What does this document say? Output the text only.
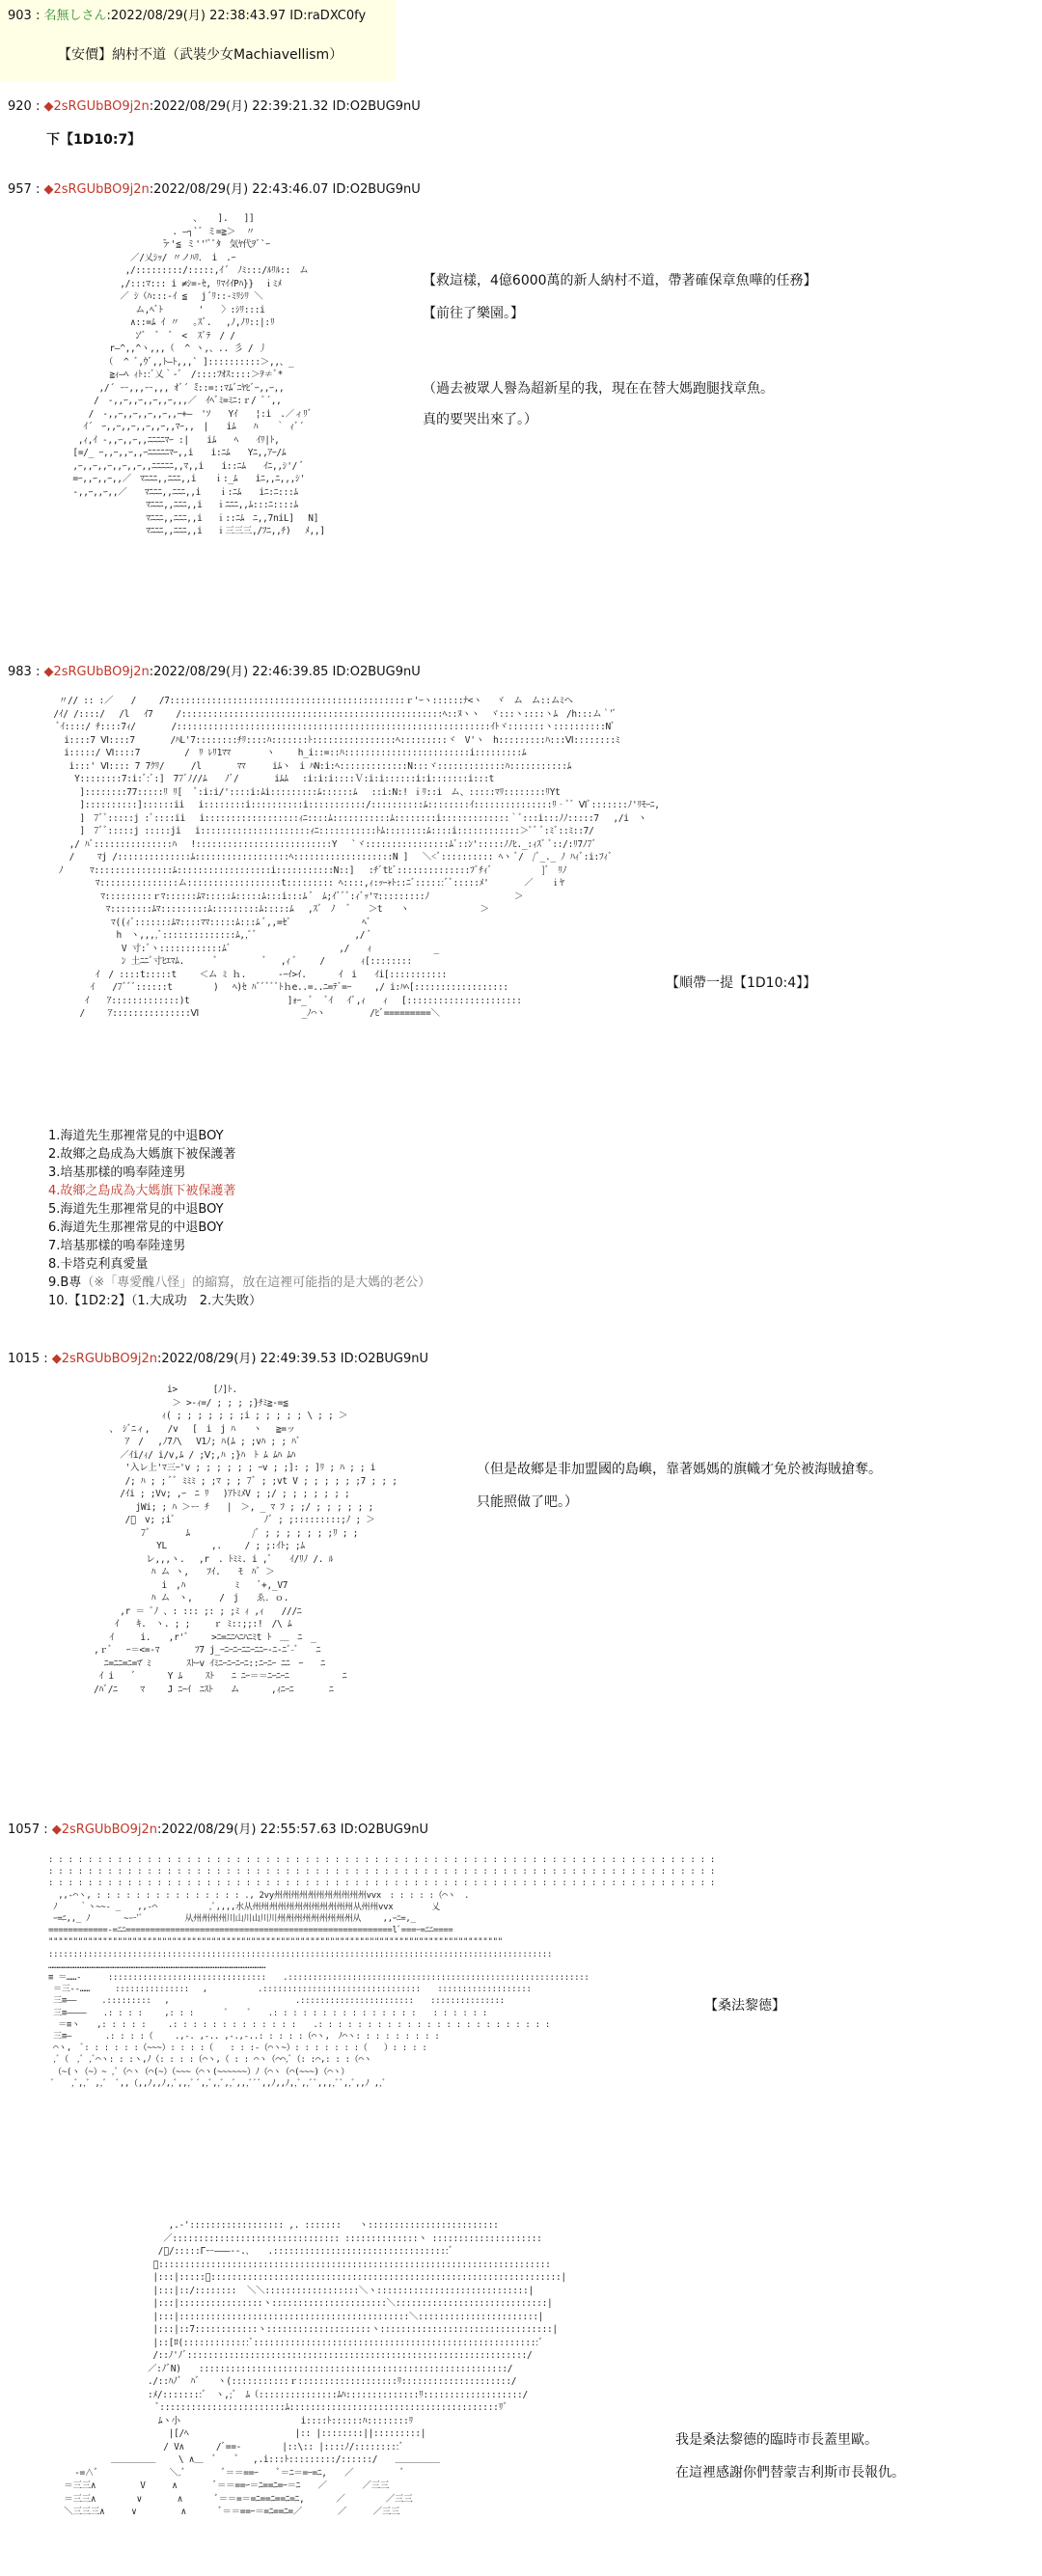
903 : 名無しさん:2022/08/29(月) 22:38:43.97 ID:raDXC0fy
【安價】納村不道（武裝少女Machiavellism）
920 : ◆2sRGUbBO9j2n:2022/08/29(月) 22:39:21.32 ID:O2BUG9nU
下【1D10:7】
957 : ◆2sRGUbBO9j2n:2022/08/29(月) 22:43:46.07 ID:O2BUG9nU
、   ].   ]]
. ―┐`゛ミ=≧＞  〃
̄ァ'≦ ミ'''ﾞﾟﾀ　気ﾔ代ｦﾞ`ｰ
／/乂ｼｯ/ 〃ノﾊﾘ．　i　.ｰ
,/:::::::::/:::::,ｲ´　ﾉﾐ:::/ﾙﾘﾙ::　ム
,/:::ﾏ::: i ≠ｼ=-ｾ, ﾘﾏｲｲPﾊ}}  ｉﾐﾒ
／ ｼ（ﾊ:::-ｲ ≦ 　j´ﾘ::-ﾐﾘｼﾘ ＼
ム,ﾍﾞﾄ　　　　'　　〉:ｼﾘ:::i
∧::=ﾑ ｲ 〃　 ｡ｽﾞ.　 ,ﾉ,ﾉﾘ::|:ﾘ
ﾝ'ﾞ　ﾞ　ﾞ　<  ｽﾞﾃ　/ /
r―^,,^ヽ,,,（  ^ ヽ,、.. 彡 / 丿
（  ^ ﾞ,ｳﾞ,,ﾄ―ﾄ,,,` ]::::::::::＞,,、_
≧ｨ―ﾍ ｨﾄ::ﾞ乂｀‐ﾞ　/::::ﾌｵｽ::::＞ｦ≠ﾞ*
,/´ ー,,,ー,,, ｵﾞ´ ̄ﾐ::=::ﾏﾑﾞﾆﾔﾋﾞｰ,,ｰ,,
/　-,,ｰ,,ｰ,,ｰ,,ｰ,,,／　ｲﾍﾞﾐ=ﾐﾆ:ｒ/ ﾟ´,,
/　-,,ｰ,,ｰ,,ｰ,,ｰ,,ｰ+―　'ｿ　　Yｲ　　¦:i　.／ィﾘﾞ
ｲ´　ｰ,,ｰ,,ｰ,,ｰ,,ｰ,,ﾏｰ,,　|　　iﾑ　　ﾊ　　｀ ｨﾞ´
,ｨ,ｲ -,,ｰ,,ｰ,,ﾆﾆﾆﾆﾏｰ :|　　iﾑ　　ﾍ　　ｲﾘ|ﾄ,
[=/_ ｰ,,ｰ,,ｰ,,ｰﾆﾆﾆﾆﾆﾏｰ,,i　　i:ﾆﾑ　　Yﾆ,,ｱｰ/ﾑ
,ｰ,,ｰ,,ｰ,,ｰ,,ｰ,,ﾆﾆﾆﾆﾆ,,ﾏ,,i　　i::ﾆﾑ　　ｲﾆ,,ｼ'/ ﾞ
=ｰ,,ｰ,,ｰ,,／　ﾏﾆﾆﾆ,,ﾆﾆﾆ,,i　　ｉ:_ﾑ　　iﾆ,,ﾆ,,,ｼ'
‐,,ｰ,,ｰ,,／　　ﾏﾆﾆﾆ,,ﾆﾆﾆ,,i　　ｉ:ﾆﾑ　　iﾆ:ﾆ:::ﾑ
ﾏﾆﾆﾆ,,ﾆﾆﾆ,,i　 ｉﾆﾆﾆ,,ﾑ:::ﾆ::::ﾑ
ﾏﾆﾆﾆ,,ﾆﾆﾆ,,i　 ｉ::ﾆﾑ　ﾆ,,7niL] 　N]
ﾏﾆﾆﾆ,,ﾆﾆﾆ,,i　 ｉ三三三,/ﾌﾆ,,ﾁ) 　ﾒ,,]
【救這樣，4億6000萬的新人納村不道，帶著確保章魚嘩的任務】
【前往了樂園。】
（過去被眾人譽為超新星的我，現在在替大媽跑腿找章魚。
真的要哭出來了。）
983 : ◆2sRGUbBO9j2n:2022/08/29(月) 22:46:39.85 ID:O2BUG9nU
〃// :: :／　　/　　 /7:::::::::::::::::::::::::::::::::::::::::::::ｒ'ｰヽ::::::ﾅ<ヽ　 ヾ　ム　ム::ムﾐヘ
/ｲ/ /::::/　 /l　 ｲ7　　 /::::::::::::::::::::::::::::::::::::::::::::::::::ﾍ::ﾇヽヽ  ヾ:::ヽ::::ヽﾑ　/h:::ム｀'ﾞ
ﾞｲ::::/ ﾁ::::7ｨ/　　　　/::::::::::::::::::::::::::::::::::::::::::::::::::::::::::::ｲﾄヾ:::::::ヽ::::::::::Nﾞ
i::::7 Ⅵ::::7　　　　/ﾊL'7::::::::ﾁﾘ::::ﾊ:::::::ﾄ::::::::::::::::ﾍ:::::::::ヾ　V'ヽ　h:::::::::ﾊ:::Ⅵ::::::::ﾐ
i:::::/ Ⅵ::::7　　　　　/　ﾘ ﾚﾘ1ﾏﾏ　　　　ヽ　　 h_i::=::ﾊ::::::::::::::::::::::::i:::::::::ﾑ
i:::' Ⅵ:::: 7 7ｸﾘ/　　　/l　　　　ﾏﾏ　　　iﾑヽ　i ﾊN:i:ﾍ:::::::::::::N:::ヾ:::::::::::::ﾊ:::::::::::ﾑ
Y::::::::7:i:ﾞ:ﾞ:]　77ﾞﾉ//ﾑ　　ﾉﾞ/　　　　iﾑﾑ　 :i:i:i::::Ｖ:i:i::::::i:i:::::::i:::t
]::::::::77:::::ﾘ ﾘ[　 ﾞ:i:i/'::::i:ﾑi:::::::::ﾑ::::::ﾑ　 ::i:N:! ｉﾘ::i　ム、:::::ﾏﾘ::::::::ﾘYt
]::::::::::]::::::ii　 i::::::::i::::::::::i:::::::::::/::::::::::ﾑ::::::::ｲ:::::::::::::::ﾘ‐ﾞ゛Ⅵﾞ:::::::ﾉ'ﾘﾓｰﾆ,
]　7ﾞﾞ:::::j :ﾞ::::ii　 i::::::::::::::::::ｨﾆ::::ﾑ:::::::::::ﾑ::::::::i:::::::::::::｀ﾞ:::i:::ﾉﾉ:::::7　 ,/i　ヽ
]　7ﾞﾞ:::::j :::::ji　 i:::::::::::::::::::::ｨﾆ:::::::::::ﾄﾑ::::::::ﾑ::::i::::::::::::＞ﾟﾞ ﾞ:ﾐﾞ::ﾐ::7/
,/ ﾊﾞ:::::::::::::::ﾊ　 !::::::::::::::::::::::::::Y　 `ヾ::::::::::::::::ﾑﾞ::ﾝ':::::ﾉﾉﾋ._:ｨｽﾞ ﾞ::/:ﾘ7ﾉ7ﾞ
/　　 ﾏj /::::::::::::::ﾑ::::::::::::::::::ﾍ:::::::::::::::::::N ]　 ＼<ﾞ:::::::::: ﾍヽ ﾞ/　/ﾞ_._ ﾉ ﾊｨﾞ:i:ﾌｨﾞ
ﾉ　　　ﾏ:::::::::::::::ﾑ::::::::::::::::::i:::::::::::N::]　 :ﾁﾞtﾋﾞ::::::::::::::ﾌﾞﾁｨﾞ　　　　　 ]ﾞ　ﾘﾉ
ﾏ:::::::::::::::ム::::::::::::::::::t::::::::: ﾍ::::,ｨ:ｯｰｬﾄ::ﾆﾞ::::::ﾞﾞ:::::ﾒ'　　　　／　　ｉﾔ
ﾏ:::::::::ｒﾏ::::::ﾑﾏ:::::ﾑ:::::ﾑ:::i:::ﾑ ﾞ　ﾑ;ｲﾞﾞﾞ:ｨﾞｯ'ﾏ:::::::::ﾉ　　　　　　　　　 ＞
ﾏ::::::::ﾑﾏ:::::::::ﾑ:::::::::ﾑ:::::ﾑ　 ,ｽﾞ　ﾉ　 ﾞ　　＞t　　ヽ　　　　　　　　＞
ﾏ((ｨﾞ:::::::ﾑﾏ::::ﾏﾏ:::::ﾑ:::ﾑ ﾞ,,=ｾﾞ　　　　　　　　ﾍﾞ
h　ヽ,,,,ﾞ::::::::::::::ﾑ,,ﾟﾞ　　　　　　　　　　　,/ ﾞ
V 寸:ﾞヽ::::::::::::ﾑﾞ 　　　　　　　　　　　 ,/　　ｨ　　　　　　　_
ﾝ 土ﾆﾆﾞ寸ﾋｴﾏﾑ.　　　 ﾞ　　　　　ﾞ　 ,ｨ ﾞ　　 /　　　　ｨ[::::::::
ｲ　/ ::::t:::::t　　 ＜ム ﾐ ｈ.　　　 ‐ｰｲ>ｲ.　　　 ｲ　i　　ｲi[:::::::::::
ｲ　　/7ﾞﾞﾞ::::::t　　　　 )　 ﾍ)ｾ ﾊﾞﾞﾞﾞﾞﾄｈe..=..ﾆ=ﾃﾞ=ｰ　　 ,/ i:ﾊﾍ[::::::::::::::::::
ｲ　　ｱ:::::::::::::)t　　　　　　　　　　　]ｫｰ_ ﾞ　 ﾞｲ　 ｲﾞ,ｨ　　ｨ　 [::::::::::::::::::::::
/　　 ｱ:::::::::::::::Ⅵ　　　　　　　　　　　 _ﾉ⌒ヽ　　　　　/ﾋﾞ=========＼
【順帶一提【1D10:4】】
1.海道先生那裡常見的中退BOY
2.故鄉之島成為大媽旗下被保護著
3.培基那樣的鳴奉陸達男
4.故鄉之島成為大媽旗下被保護著
5.海道先生那裡常見的中退BOY
6.海道先生那裡常見的中退BOY
7.培基那樣的鳴奉陸達男
8.卡塔克利真愛量
9.B專（※「專愛醜八怪」的縮寫，放在這裡可能指的是大媽的老公）
10.【1D2:2】（1.大成功　2.大失敗）
1015 : ◆2sRGUbBO9j2n:2022/08/29(月) 22:49:39.53 ID:O2BUG9nU
i>　　　　[ﾉ]ﾄ.
＞ >-ｨ=/ ; ; ; ;}ﾁﾐ≧-=≦
ｨ( ; ; ; ; ; ; ;i ; ; ; ; ; \ ; ; ＞
、　ｼﾞﾆィ,　　/v　 [　i　j ﾊ　　ヽ　 ≧=ッ
ｱ　/　 ,ﾉ7ﾉ\　 V1ﾉ; ﾊ(ﾑ ; ;vﾊ ; ; ﾊﾞ
／ｲi/ｨ/ i/v,ﾑ / ;Ⅴ;,ﾊ ;}ﾊ　ﾄ ﾑ ﾑﾊ ﾑﾊ
'入レ上'ﾏ三ｰ'v ; ; ; ; ; ; ｰv ; ;]: ; ]ﾘ ; ﾊ ; ; i
/; ﾊ ; ; ﾞﾞ ﾐﾐﾐ ; ;ﾏ ; ; 7ﾞ ; ;vt V ; ; ; ; ; ;7 ; ; ;
/ｲi ; ;Vv; ,ｰ　ﾆ ﾘ　 )ｱﾄﾐﾒV ; ;/ ; ; ; ; ; ; ;
jWi; ; ﾊ ＞ー ﾁ　　|　＞, _ ﾏ ﾌ ; ;/ ; ; ; ; ; ;
/ﾞ　v; ;iﾞ　　　　　　　　　　ﾉﾞ ; ;:::::::::;ﾉ ; ＞
7ﾞ　　　　ﾑ　　　　　　　/ﾞ ; ; ; ; ; ; ;ﾘ ; ;
YL　　　　　,.　　 / ; ;:ｲﾄ; ;ﾑ
レ,,,ヽ.　 ,r　. ﾄﾐﾐ. i ,ﾞ　　ｲ/ﾘﾉ /. ﾙ
ﾊ ム ヽ,　　ﾌｲ.　　ﾓ　ﾊﾞ ＞
i　,ﾊ　　　　　 ﾐ　　ﾞ+,_V7
ﾊ ム　ヽ,　　　/　j　　ゑ．ｏ.
,r ＝ ﾟﾉ 、: ::: ;: ; ;ﾐ ｨ ,ｨ　　///ﾆ
ｲ　　ｷ.　ヽ. ; ;　　 ｒ ﾐ::;;:!　/\ ﾑ
ｲ　　　i.　　,r'ﾞ　　 >ﾆ=ﾆﾆﾍﾆﾊﾆﾐt ﾄ　＿　ﾆ　_
,ｒﾞ 　ｰ＝<=-ﾏ　　　　ﾌ7 j_ｰﾆｰﾆｰﾆﾆｰﾆﾆｰ-ﾆ-ﾆﾞ-ﾞ　　ﾆ
ﾆ=ﾆﾆ=ﾆ=ﾏ̄ ﾐ　　　　ｽﾄｰv ｲﾐﾆｰﾆｰﾆｰﾆ::ﾆｰﾆｰ ﾆﾆ　ｰ　　ﾆ
ｲ i　　ﾞ　　　 Y ﾑ　　 ｽﾄ　　ﾆ ﾆｰ＝＝ﾆｰﾆｰﾆ　　　　　　ﾆ
/ﾊﾞ/ﾆ　　 ﾏ　　 J ﾆｰｲ　ﾆｽﾄ　　ム　　　 ,ｨﾆｰﾆ　　　　ﾆ
（但是故鄉是非加盟國的島嶼，靠著媽媽的旗幟才免於被海賊搶奪。
只能照做了吧。）
1057 : ◆2sRGUbBO9j2n:2022/08/29(月) 22:55:57.63 ID:O2BUG9nU
: : : : : : : : : : : : : : : : : : : : : : : : : : : : : : : : : : : : : : : : : : : : : : : : : : : : : : : : : : : : : : : : : : : :
: : : : : : : : : : : : : : : : : : : : : : : : : : : : : : : : : : : : : : : : : : : : : : : : : : : : : : : : : : : : : : : : : : : :
: : : : : : : : : : : : : : : : : : : : : : : : : : : : : : : : : : : : : : : : : : : : : : : : : : : : : : : : : : : : : : : : : : : :
,,-⌒ヽ, : : : : : : : : : : : : : : : ., 2vy州州州州州州州州州州州vvx　: : : : :（⌒ヽ　.
ﾉ　　 ｀ヽ~~‐ _　　,,-⌒ 　　　　　 ,ﾞ,,,,水从州州州州州州州州州州州州从州州vvx　　　　 乂
ｰ=ﾆ,,_ ﾉ　　　　~ー'ﾞ　　　　　从州州州州川山川山川川州州州州州州州州州从　　 ,,ｰﾆ=,_
============-=ﾆﾆ======================================================lﾞ===ｰ=ﾆﾆ====
""""""""""""""""""""""""""""""""""""""""""""""""""""""""""""""""""""""""""""""""""""""""""""
::::::::::::::::::::::::::::::::::::::::::::::::::::::::::::::::::::::::::::::::::::::::::::::::::::::
……………………………………………………………………………………………………………………
≡ ＝……‐ 　　 ::::::::::::::::::::::::::::::::　　.:::::::::::::::::::::::::::::::::::::::::::::::::::::::::::::
＝三‐‐……　　　:::::::::::::::　 ,　　　　　　.::::::::::::::::::::::::::::::::　　:::::::::::::::::::
三≡――　　　.:::::::::　 ,　　　　　　　　　　　　　　　.:::::::::::::::::::::::　　:::::::::::::::
三≡――――　　.: : : :　　 ,: : :　　　 ﾞ　　 ﾞ　　.: : : : : : : : : : : : : : :　　: : : : : :
＝≡ヽ　　,: : : : :　　 .: : : : : : : : : : : : :　　.: : : : : : : : : : : : : : : : : : : : : : : :
三≡―　　　　.: : : :（　　 .,‐. ,-.. ,-.,‐..: : : : :（⌒ヽ,　ﾉ⌒ヽ: : : : : : : : :
⌒ヽ,　ﾞ: : : : : :（~~~）: : : :（　　: : :‐（⌒ヽ~）: : : : : : :（　　）: : : :
,ﾞ（　,ﾞ ,ﾞ⌒ヽ: : :ヽ,ﾉ（: : : :（⌒ヽ,（ : : ⌒ヽ（⌒⌒,ﾞ（: :⌒,: : :（⌒ヽ
（~(ヽ（~）~ ,ﾞ（⌒ヽ（⌒(~）（~~~（⌒ヽ(~~~~~~）ﾉ（⌒ヽ（⌒(~~~)（⌒ヽ）
ﾞ　　,ﾞ,,ﾞ ,,ﾞ　ﾞ,,（,,ﾉ,,ﾉ,,ﾞ,,,ﾞ ﾞ,,ﾞ,,ﾞ,,ﾞ,,,ﾞﾞﾞ,,ﾉ,,ﾉ,,ﾞ,,ﾞﾞ,,,,ﾞﾞ,,ﾞ,,ﾉ ,,ﾞ
【桑法黎德】
,.-':::::::::::::::::: ,. :::::::　　ヽ:::::::::::::::::::::::::
／:::::::::::::::::::::::::::::::: ::::::::::::::ヽ :::::::::::::::::::::
/ﾞ/:::::Гー―――‐-.､　　.::::::::::::::::::::::::::::::::::ﾞ
ﾞ:::::::::::::::::::::::::::::::::::::::::::::::::::::::::::::::::::::::::::
|:::|:::::ﾞ:::::::::::::::::::::::::::::::::::::::::::::::::::::::::::::::::::|
|:::|::/::::::::  ＼＼::::::::::::::::::＼ヽ:::::::::::::::::::::::::::::|
|:::|::::::::::::::::ヽ::::::::::::::::::::::＼:::::::::::::::::::::::::::::|
|:::|::::::::::::::::::::::::::::::::::::::::::::＼:::::::::::::::::::::::|
|:::|::7::::::::::::ヽ::::::::::::::::::::ヽ:::::::::::::::::::::::::::::::::|
|::[ﾛ(:::::::::::::ﾞ:::::::::::::::::::::::::::::::::::::::::::::::::::::::ﾞ
/::ﾉ'ﾉﾞ:::::::::::::::::::::::::::::::::::::::::::::::::::::::::::::::::/
／:ﾉﾞN)　　:::::::::::::::::::::::::::::::::::::::::::::::::::::::::::/
./::ﾊﾉﾞ　ﾊﾞ　　ヽ(:::::::::::ｒ:::::::::::::::::::ﾘ:::::::::::::::::::::/
:ﾒ/::::::::ﾞ　ヽ,;ﾞ　ﾑ（:::::::::::::::ﾑﾊ::::::::::::::ﾘ:::::::::::::::::::/
ﾞ::::::::::::::::::::::::ﾑ::::::::::::::::::::::::::::::::::::::::ﾘﾞ
ﾑヽ小　　　　　　　　　　　　　 i::::ﾄ::::::ﾊ::::::::ﾘ
|[/ﾍ　　　　　　　　　　　　|:: |::::::::||:::::::::|
/ V∧　　　 /ﾞ==‐　　　　 |::\:: |::::ﾉ/:::::::::ﾞ
＿＿＿＿＿　　 \ ∧＿　ﾞ　　ﾞ　 ,.i:::ﾄ:::::::::/::::::/　　＿＿＿＿＿
-=∧ﾞ　　　　　　　　＼.ﾞ　　　　ﾞ＝＝==ｰ　　ﾞ＝ﾆ＝=ｰ=ﾆ,　　／　　　　　 ﾞ
＝三三∧　　　　　V　　　∧　　　　ﾞ＝＝==ｰ＝ﾆ==ﾆ=ｰ＝ﾆ　　／　　　　／三三
＝三三∧　　　　 ∨　　　　∧　　　 ﾞ＝＝=＝=ﾆ==ﾆ==ﾆ=ﾆ,　　　 ／　　　　 ／三三
＼三三三∧　　　∨　　　　　∧　　　 ﾞ＝＝==ｰ＝=ﾆ==ﾆ=／　　　　／　　　／三三
我是桑法黎德的臨時市長蓋里歐。
在這裡感謝你們替蒙吉利斯市長報仇。
